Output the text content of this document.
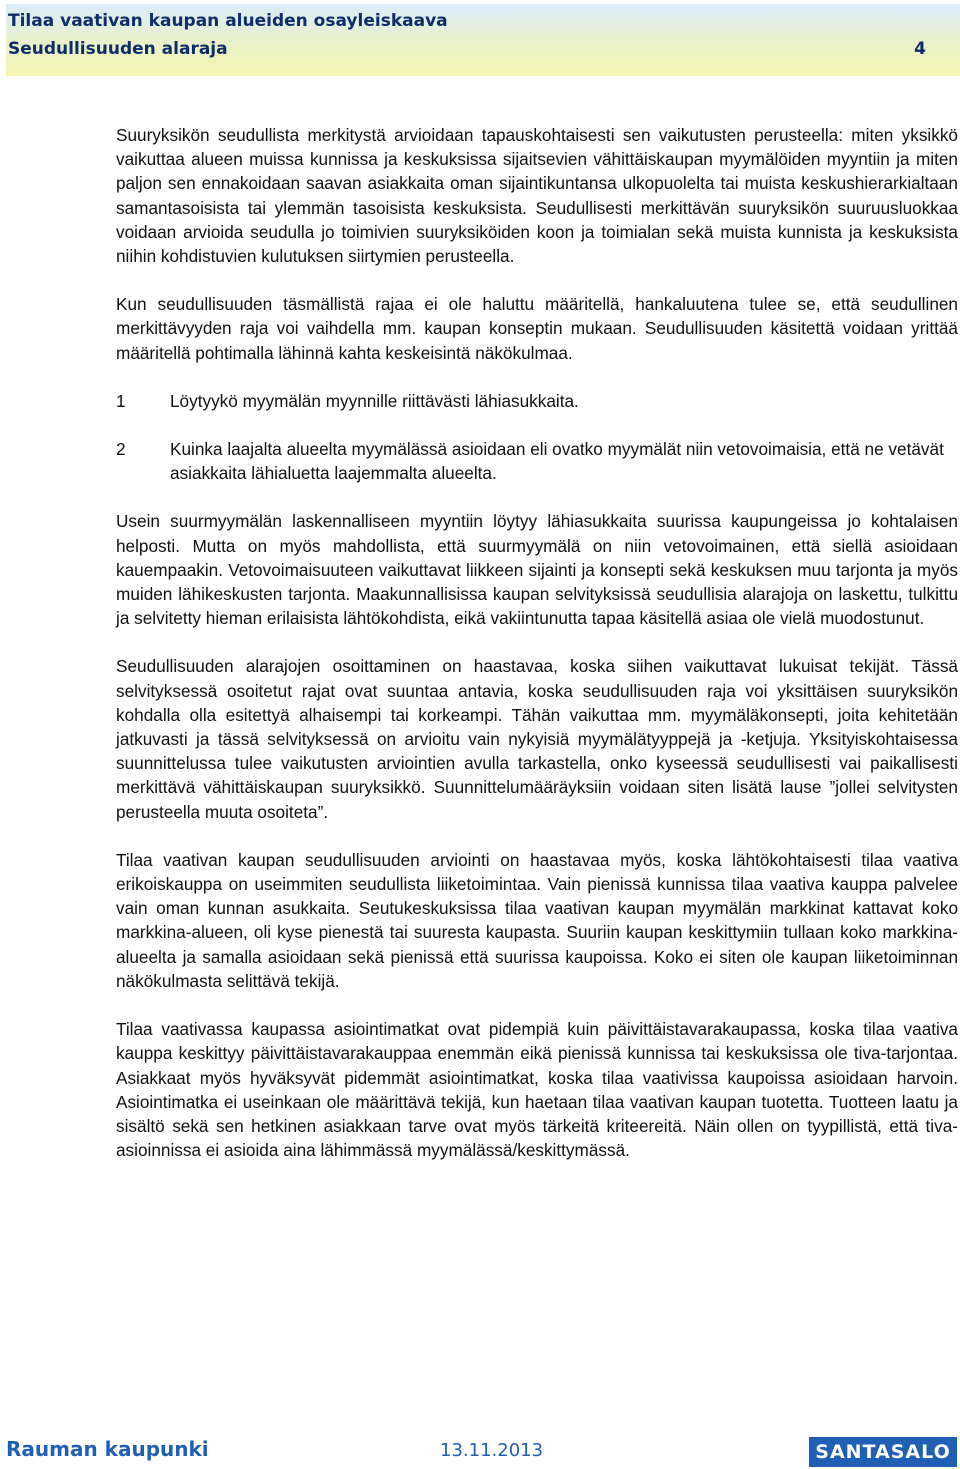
Tilaa vaativan kaupan alueiden osayleiskaava
Seudullisuuden alaraja	4

Suuryksikön seudullista merkitystä arvioidaan tapauskohtaisesti sen vaikutusten perusteella: miten yksikkö vaikuttaa alueen muissa kunnissa ja keskuksissa sijaitsevien vähittäiskaupan myymälöiden myyntiin ja miten paljon sen ennakoidaan saavan asiakkaita oman sijaintikuntansa ulkopuolelta tai muista keskushierarkialtaan samantasoisista tai ylemmän tasoisista keskuksista. Seudullisesti merkittävän suuryksikön suuruusluokkaa voidaan arvioida seudulla jo toimivien suuryksiköiden koon ja toimialan sekä muista kunnista ja keskuksista niihin kohdistuvien kulutuksen siirtymien perusteella.

Kun seudullisuuden täsmällistä rajaa ei ole haluttu määritellä, hankaluutena tulee se, että seudullinen merkittävyyden raja voi vaihdella mm. kaupan konseptin mukaan. Seudullisuuden käsitettä voidaan yrittää määritellä pohtimalla lähinnä kahta keskeisintä näkökulmaa.

1	Löytyykö myymälän myynnille riittävästi lähiasukkaita.
2	Kuinka laajalta alueelta myymälässä asioidaan eli ovatko myymälät niin vetovoimaisia, että ne vetävät asiakkaita lähialuetta laajemmalta alueelta.

Usein suurmyymälän laskennalliseen myyntiin löytyy lähiasukkaita suurissa kaupungeissa jo kohtalaisen helposti. Mutta on myös mahdollista, että suurmyymälä on niin vetovoimainen, että siellä asioidaan kauempaakin. Vetovoimaisuuteen vaikuttavat liikkeen sijainti ja konsepti sekä keskuksen muu tarjonta ja myös muiden lähikeskusten tarjonta. Maakunnallisissa kaupan selvityksissä seudullisia alarajoja on laskettu, tulkittu ja selvitetty hieman erilaisista lähtökohdista, eikä vakiintunutta tapaa käsitellä asiaa ole vielä muodostunut.

Seudullisuuden alarajojen osoittaminen on haastavaa, koska siihen vaikuttavat lukuisat tekijät. Tässä selvityksessä osoitetut rajat ovat suuntaa antavia, koska seudullisuuden raja voi yksittäisen suuryksikön kohdalla olla esitettyä alhaisempi tai korkeampi. Tähän vaikuttaa mm. myymäläkonsepti, joita kehitetään jatkuvasti ja tässä selvityksessä on arvioitu vain nykyisiä myymälätyyppejä ja -ketjuja. Yksityiskohtaisessa suunnittelussa tulee vaikutusten arviointien avulla tarkastella, onko kyseessä seudullisesti vai paikallisesti merkittävä vähittäiskaupan suuryksikkö. Suunnittelumääräyksiin voidaan siten lisätä lause ”jollei selvitysten perusteella muuta osoiteta”.

Tilaa vaativan kaupan seudullisuuden arviointi on haastavaa myös, koska lähtökohtaisesti tilaa vaativa erikoiskauppa on useimmiten seudullista liiketoimintaa. Vain pienissä kunnissa tilaa vaativa kauppa palvelee vain oman kunnan asukkaita. Seutukeskuksissa tilaa vaativan kaupan myymälän markkinat kattavat koko markkina-alueen, oli kyse pienestä tai suuresta kaupasta. Suuriin kaupan keskittymiin tullaan koko markkina-alueelta ja samalla asioidaan sekä pienissä että suurissa kaupoissa. Koko ei siten ole kaupan liiketoiminnan näkökulmasta selittävä tekijä.

Tilaa vaativassa kaupassa asiointimatkat ovat pidempiä kuin päivittäistavarakaupassa, koska tilaa vaativa kauppa keskittyy päivittäistavarakauppaa enemmän eikä pienissä kunnissa tai keskuksissa ole tiva-tarjontaa. Asiakkaat myös hyväksyvät pidemmät asiointimatkat, koska tilaa vaativissa kaupoissa asioidaan harvoin. Asiointimatka ei useinkaan ole määrittävä tekijä, kun haetaan tilaa vaativan kaupan tuotetta. Tuotteen laatu ja sisältö sekä sen hetkinen asiakkaan tarve ovat myös tärkeitä kriteereitä. Näin ollen on tyypillistä, että tiva-asioinnissa ei asioida aina lähimmässä myymälässä/keskittymässä.

Rauman kaupunki	13.11.2013	SANTASALO
